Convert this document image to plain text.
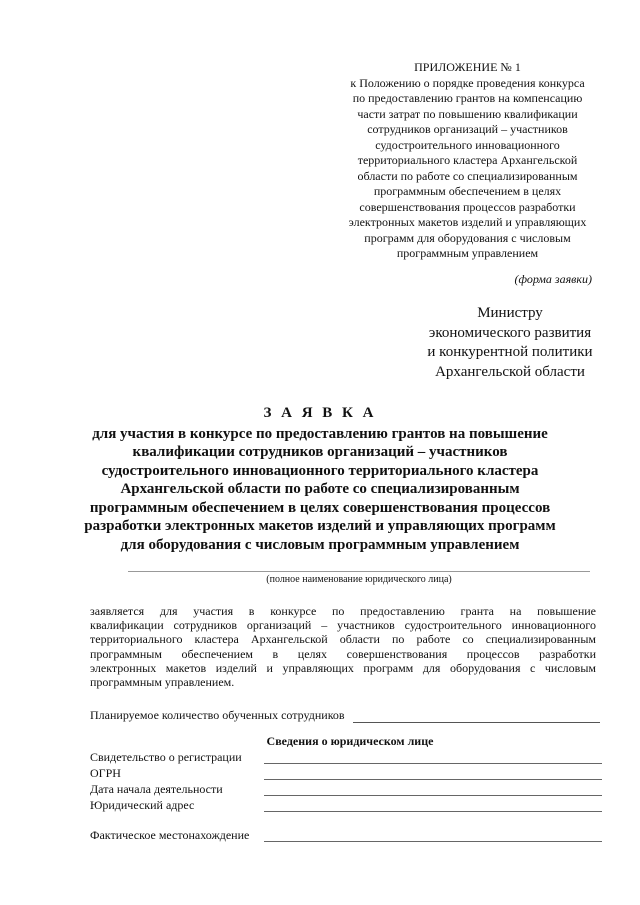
ПРИЛОЖЕНИЕ № 1
к Положению о порядке проведения конкурса
по предоставлению грантов на компенсацию
части затрат по повышению квалификации
сотрудников организаций – участников
судостроительного инновационного
территориального кластера Архангельской
области по работе со специализированным
программным обеспечением в целях
совершенствования процессов разработки
электронных макетов изделий и управляющих
программ для оборудования с числовым
программным управлением
(форма заявки)
Министру
экономического развития
и конкурентной политики
Архангельской области
З А Я В К А
для участия в конкурсе по предоставлению грантов на повышение
квалификации сотрудников организаций – участников
судостроительного инновационного территориального кластера
Архангельской области по работе со специализированным
программным обеспечением в целях совершенствования процессов
разработки электронных макетов изделий и управляющих программ
для оборудования с числовым программным управлением
(полное наименование юридического лица)
заявляется для участия в конкурсе по предоставлению гранта на повышение
квалификации сотрудников организаций – участников судостроительного инновационного
территориального кластера Архангельской области по работе со специализированным
программным обеспечением в целях совершенствования процессов разработки
электронных макетов изделий и управляющих программ для оборудования с числовым
программным управлением.
Планируемое количество обученных сотрудников
Сведения о юридическом лице
Свидетельство о регистрации
ОГРН
Дата начала деятельности
Юридический адрес
Фактическое местонахождение
